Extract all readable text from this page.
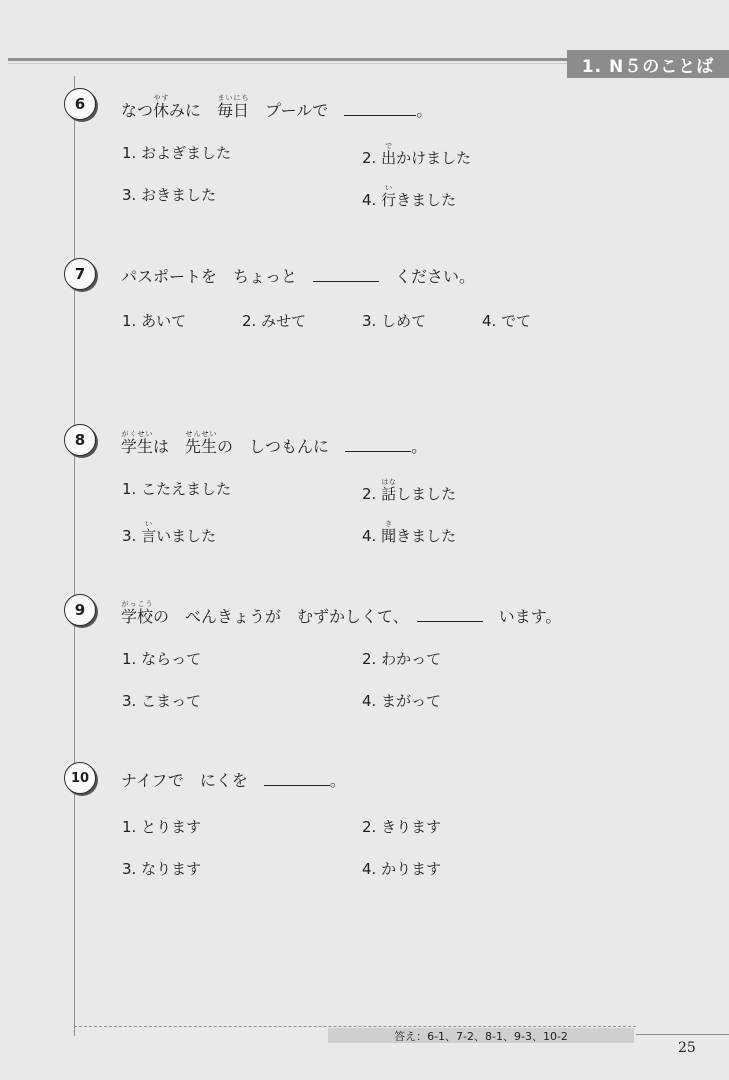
1. N５のことば
6	なつ休やすみに　毎日まいにち　プールで　	。
1. およぎました	2. 出でかけました
3. おきました	4. 行いきました
7	パスポートを　ちょっと　	　ください。
1. あいて	2. みせて	3. しめて	4. でて
8	学生がくせいは　先生せんせいの　しつもんに　	。
1. こたえました	2. 話はなしました
3. 言いいました	4. 聞ききました
9	学校がっこうの　べんきょうが　むずかしくて、　	　います。
1. ならって	2. わかって
3. こまって	4. まがって
10	ナイフで　にくを　	。
1. とります	2. きります
3. なります	4. かります
答え：6-1、7-2、8-1、9-3、10-2
25
